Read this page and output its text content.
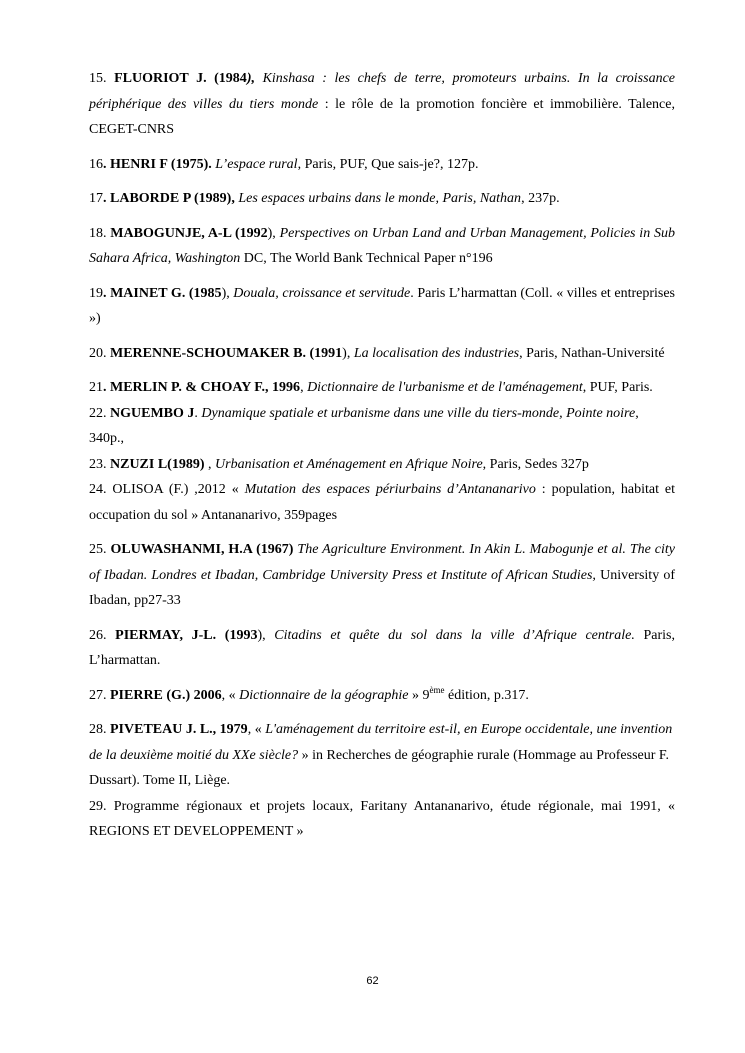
15. FLUORIOT J. (1984), Kinshasa : les chefs de terre, promoteurs urbains. In la croissance périphérique des villes du tiers monde : le rôle de la promotion foncière et immobilière. Talence, CEGET-CNRS

16. HENRI F (1975). L’espace rural, Paris, PUF, Que sais-je?, 127p.

17. LABORDE P (1989), Les espaces urbains dans le monde, Paris, Nathan, 237p.

18. MABOGUNJE, A-L (1992), Perspectives on Urban Land and Urban Management, Policies in Sub Sahara Africa, Washington DC, The World Bank Technical Paper n°196

19. MAINET G. (1985), Douala, croissance et servitude. Paris L’harmattan (Coll. « villes et entreprises »)

20. MERENNE-SCHOUMAKER B. (1991), La localisation des industries, Paris, Nathan-Université

21. MERLIN P. & CHOAY F., 1996, Dictionnaire de l'urbanisme et de l'aménagement, PUF, Paris.

22. NGUEMBO J. Dynamique spatiale et urbanisme dans une ville du tiers-monde, Pointe noire, 340p.,

23. NZUZI L(1989) , Urbanisation et Aménagement en Afrique Noire, Paris, Sedes 327p

24. OLISOA (F.) ,2012 « Mutation des espaces périurbains d’Antananarivo : population, habitat et occupation du sol » Antananarivo, 359pages

25. OLUWASHANMI, H.A (1967) The Agriculture Environment. In Akin L. Mabogunje et al. The city of Ibadan. Londres et Ibadan, Cambridge University Press et Institute of African Studies, University of Ibadan, pp27-33

26. PIERMAY, J-L. (1993), Citadins et quête du sol dans la ville d’Afrique centrale. Paris, L’harmattan.

27. PIERRE (G.) 2006, « Dictionnaire de la géographie » 9ème édition, p.317.

28. PIVETEAU J. L., 1979, « L'aménagement du territoire est-il, en Europe occidentale, une invention de la deuxième moitié du XXe siècle? » in Recherches de géographie rurale (Hommage au Professeur F. Dussart). Tome II, Liège.

29. Programme régionaux et projets locaux, Faritany Antananarivo, étude régionale, mai 1991, « REGIONS ET DEVELOPPEMENT »

62
